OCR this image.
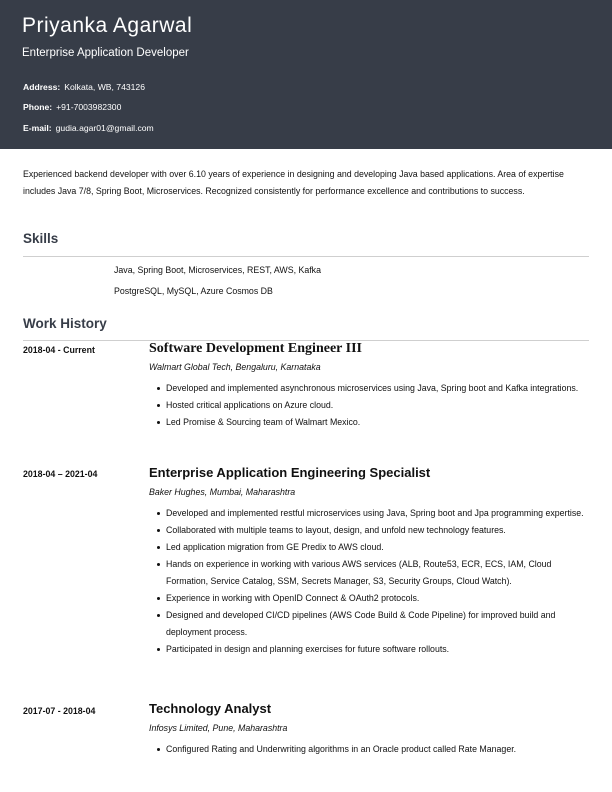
Priyanka Agarwal
Enterprise Application Developer
Address: Kolkata, WB, 743126
Phone: +91-7003982300
E-mail: gudia.agar01@gmail.com

Experienced backend developer with over 6.10 years of experience in designing and developing Java based applications. Area of expertise includes Java 7/8, Spring Boot, Microservices. Recognized consistently for performance excellence and contributions to success.

Skills
Java, Spring Boot, Microservices, REST, AWS, Kafka
PostgreSQL, MySQL, Azure Cosmos DB
Work History
2018-04 - Current	Software Development Engineer III
Walmart Global Tech, Bengaluru, Karnataka
Developed and implemented asynchronous microservices using Java, Spring boot and Kafka integrations.
Hosted critical applications on Azure cloud.
Led Promise & Sourcing team of Walmart Mexico.
2018-04 – 2021-04	Enterprise Application Engineering Specialist
Baker Hughes, Mumbai, Maharashtra
Developed and implemented restful microservices using Java, Spring boot and Jpa programming expertise.
Collaborated with multiple teams to layout, design, and unfold new technology features.
Led application migration from GE Predix to AWS cloud.
Hands on experience in working with various AWS services (ALB, Route53, ECR, ECS, IAM, Cloud Formation, Service Catalog, SSM, Secrets Manager, S3, Security Groups, Cloud Watch).
Experience in working with OpenID Connect & OAuth2 protocols.
Designed and developed CI/CD pipelines (AWS Code Build & Code Pipeline) for improved build and deployment process.
Participated in design and planning exercises for future software rollouts.
2017-07 - 2018-04	Technology Analyst
Infosys Limited, Pune, Maharashtra
Configured Rating and Underwriting algorithms in an Oracle product called Rate Manager.
